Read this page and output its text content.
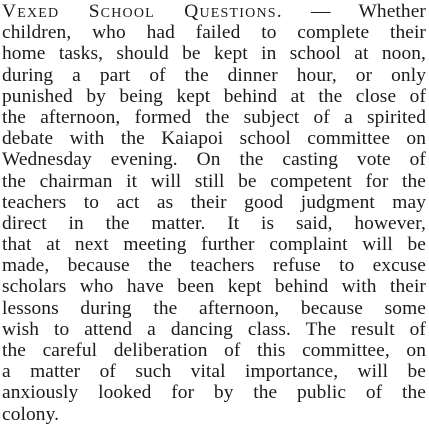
Vexed School Questions. — Whether
children, who had failed to complete their
home tasks, should be kept in school at noon,
during a part of the dinner hour, or only
punished by being kept behind at the close of
the afternoon, formed the subject of a spirited
debate with the Kaiapoi school committee on
Wednesday evening. On the casting vote of
the chairman it will still be competent for the
teachers to act as their good judgment may
direct in the matter. It is said, however,
that at next meeting further complaint will be
made, because the teachers refuse to excuse
scholars who have been kept behind with their
lessons during the afternoon, because some
wish to attend a dancing class. The result of
the careful deliberation of this committee, on
a matter of such vital importance, will be
anxiously looked for by the public of the
colony.
